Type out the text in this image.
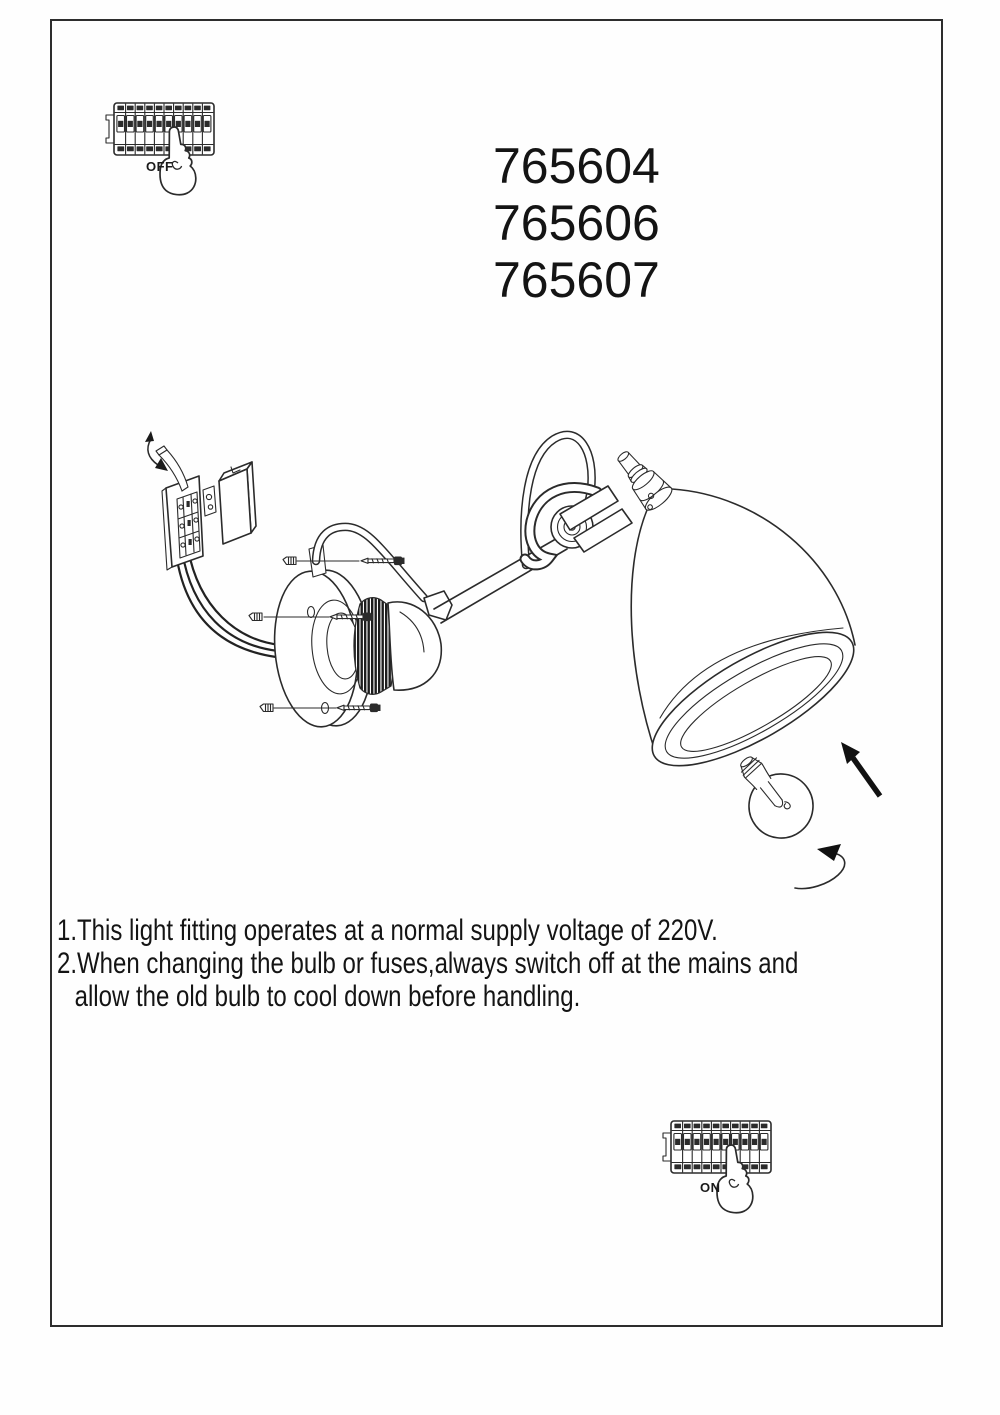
OFF
ON
765604
765606
765607
1.This light fitting operates at a normal supply voltage of 220V.
2.When changing the bulb or fuses,always switch off at the mains and
allow the old bulb to cool down before handling.
